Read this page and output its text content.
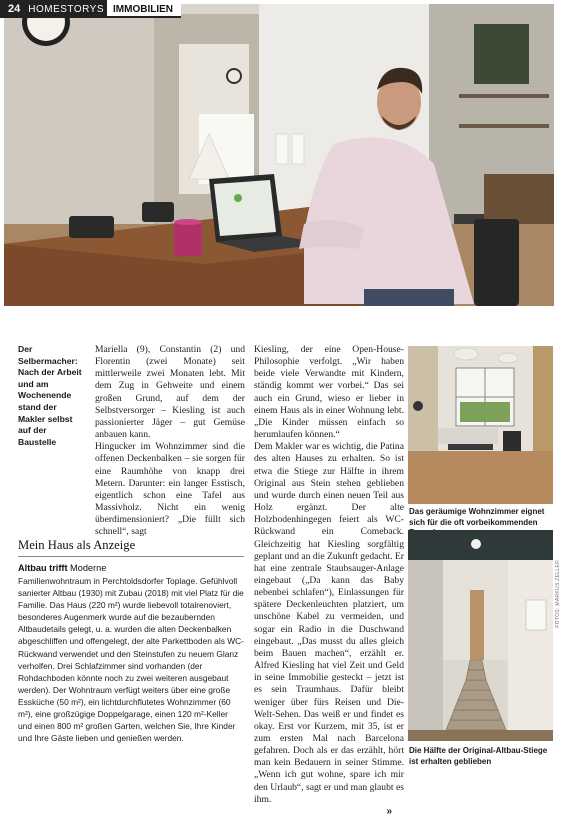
24 HOMESTORYS IMMOBILIEN
Der Selbermacher: Nach der Arbeit und am Wochenende stand der Makler selbst auf der Baustelle

Mariella (9), Constantin (2) und Florentin (zwei Monate) seit mittlerweile zwei Monaten lebt. Mit dem Zug in Gehweite und einem großen Grund, auf dem der Selbstversorger – Kiesling ist auch passionierter Jäger – gut Gemüse anbauen kann.

Hingucker im Wohnzimmer sind die offenen Deckenbalken – sie sorgen für eine Raumhöhe von knapp drei Metern. Darunter: ein langer Esstisch, eigentlich schon eine Tafel aus Massivholz. Nicht ein wenig überdimensioniert? „Die füllt sich schnell“, sagt

Kiesling, der eine Open-House-Philosophie verfolgt. „Wir haben beide viele Verwandte mit Kindern, ständig kommt wer vorbei.“ Das sei auch ein Grund, wieso er lieber in einem Haus als in einer Wohnung lebt. „Die Kinder müssen einfach so herumlaufen können.“

Dem Makler war es wichtig, die Patina des alten Hauses zu erhalten. So ist etwa die Stiege zur Hälfte in ihrem Original aus Stein stehen geblieben und wurde durch einen neuen Teil aus Holz ergänzt. Der alte Holzbodenhingegen feiert als WC-Rückwand ein Comeback. Gleichzeitig hat Kiesling sorgfältig geplant und an die Zukunft gedacht. Er hat eine zentrale Staubsauger-Anlage eingebaut („Da kann das Baby nebenbei schlafen“), Einlassungen für spätere Deckenleuchten platziert, um unschöne Kabel zu vermeiden, und sogar ein Radio in die Duschwand eingebaut. „Das musst du alles gleich beim Bauen machen“, erzählt er. Alfred Kiesling hat viel Zeit und Geld in seine Immobilie gesteckt – jetzt ist es sein Traumhaus. Dafür bleibt weniger über fürs Reisen und Die-Welt-Sehen. Das weiß er und findet es okay. Erst vor Kurzem, mit 35, ist er zum ersten Mal nach Barcelona gefahren. Doch als er das erzählt, hört man kein Bedauern in seiner Stimme. „Wenn ich gut wohne, spare ich mir den Urlaub“, sagt er und man glaubt es ihm.

»

Mein Haus als Anzeige
Altbau trifft Moderne
Familienwohntraum in Perchtoldsdorfer Toplage. Gefühlvoll sanierter Altbau (1930) mit Zubau (2018) mit viel Platz für die Familie. Das Haus (220 m²) wurde liebevoll totalrenoviert, besonderes Augenmerk wurde auf die bezaubernden Altbaudetails gelegt, u. a. wurden die alten Deckenbalken abgeschliffen und offengelegt, der alte Parkettboden als WC-Rückwand verwendet und den Steinstufen zu neuem Glanz verholfen. Drei Schlafzimmer sind vorhanden (der Rohdachboden könnte noch zu zwei weiteren ausgebaut werden). Der Wohntraum verfügt weiters über eine große Essküche (50 m²), ein lichtdurchflutetes Wohnzimmer (60 m²), eine großzügige Doppelgarage, einen 120 m²-Keller und einen 800 m² großen Garten, welchen Sie, Ihre Kinder und Ihre Gäste lieben und genießen werden.
Das geräumige Wohnzimmer eignet sich für die oft vorbeikommenden
Die Hälfte der Original-Altbau-Stiege ist erhalten geblieben
FOTOS: MARKUS ZELLER
